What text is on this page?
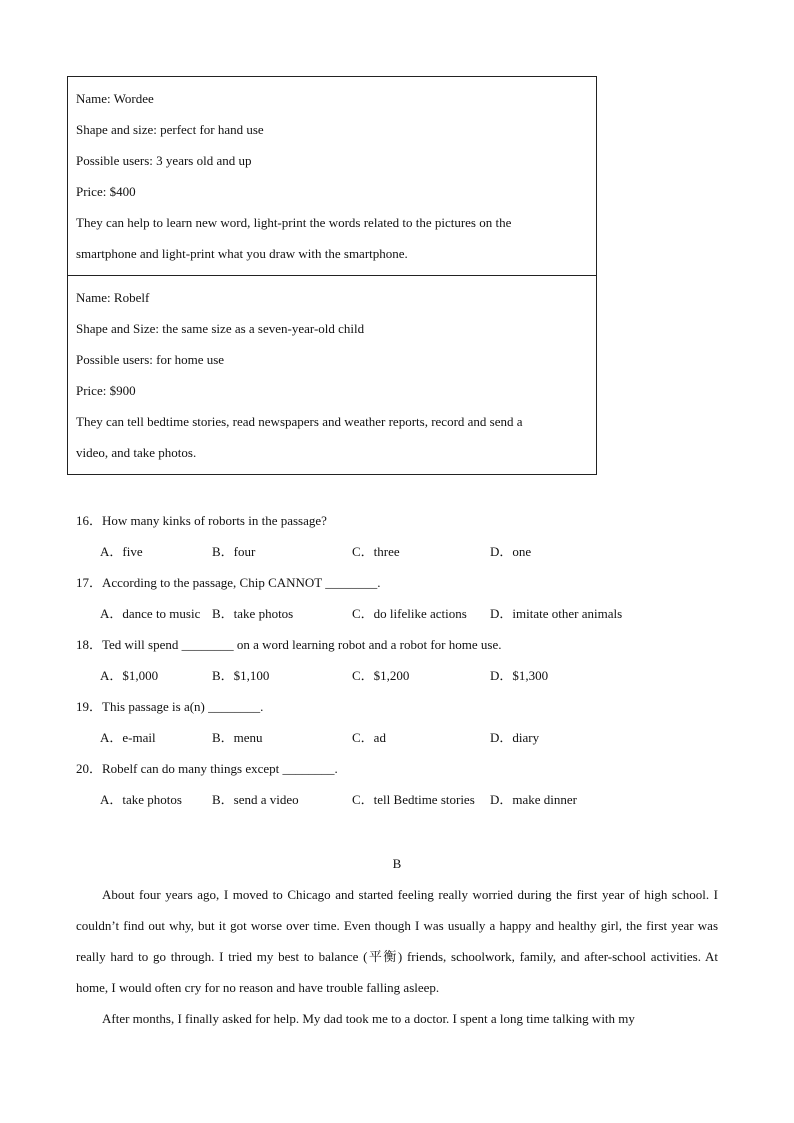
Name: Wordee
Shape and size: perfect for hand use
Possible users: 3 years old and up
Price: $400
They can help to learn new word, light-print the words related to the pictures on the
smartphone and light-print what you draw with the smartphone.
Name: Robelf
Shape and Size: the same size as a seven-year-old child
Possible users: for home use
Price: $900
They can tell bedtime stories, read newspapers and weather reports, record and send a
video, and take photos.
16．How many kinks of roborts in the passage?
A．five	B．four	C．three	D．one
17．According to the passage, Chip CANNOT ________.
A．dance to music B．take photos	C．do lifelike actions D．imitate other animals
18．Ted will spend ________ on a word learning robot and a robot for home use.
A．$1,000	B．$1,100	C．$1,200	D．$1,300
19．This passage is a(n) ________.
A．e-mail	B．menu	C．ad	D．diary
20．Robelf can do many things except ________.
A．take photos B．send a video	C．tell Bedtime stories D．make dinner
B

About four years ago, I moved to Chicago and started feeling really worried during the first year of high school. I couldn’t find out why, but it got worse over time. Even though I was usually a happy and healthy girl, the first year was really hard to go through. I tried my best to balance (平衡) friends, schoolwork, family, and after-school activities. At home, I would often cry for no reason and have trouble falling asleep.

After months, I finally asked for help. My dad took me to a doctor. I spent a long time talking with my
